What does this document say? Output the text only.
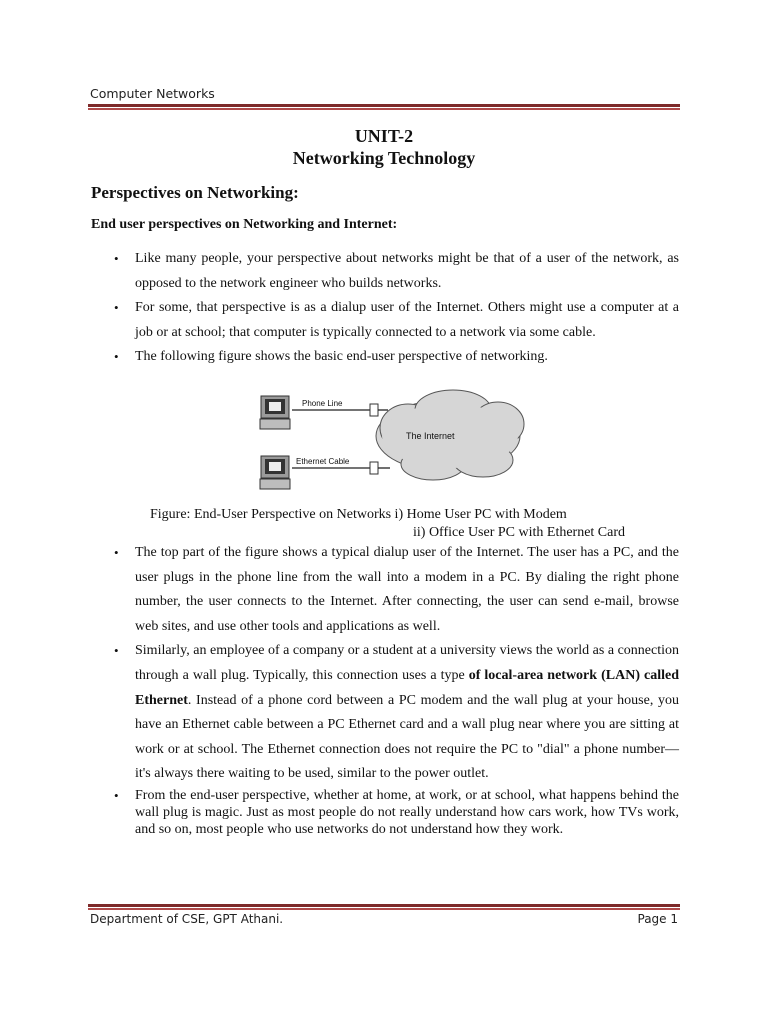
Computer Networks
UNIT-2
Networking Technology
Perspectives on Networking:
End user perspectives on Networking and Internet:
• Like many people, your perspective about networks might be that of a user of the network, as opposed to the network engineer who builds networks.
• For some, that perspective is as a dialup user of the Internet. Others might use a computer at a job or at school; that computer is typically connected to a network via some cable.
• The following figure shows the basic end-user perspective of networking.
The Internet
Phone Line
Ethernet Cable
Figure: End-User Perspective on Networks i) Home User PC with Modem
ii) Office User PC with Ethernet Card
• The top part of the figure shows a typical dialup user of the Internet. The user has a PC, and the user plugs in the phone line from the wall into a modem in a PC. By dialing the right phone number, the user connects to the Internet. After connecting, the user can send e-mail, browse web sites, and use other tools and applications as well.
• Similarly, an employee of a company or a student at a university views the world as a connection through a wall plug. Typically, this connection uses a type of local-area network (LAN) called Ethernet. Instead of a phone cord between a PC modem and the wall plug at your house, you have an Ethernet cable between a PC Ethernet card and a wall plug near where you are sitting at work or at school. The Ethernet connection does not require the PC to "dial" a phone number—it's always there waiting to be used, similar to the power outlet.
• From the end-user perspective, whether at home, at work, or at school, what happens behind the wall plug is magic. Just as most people do not really understand how cars work, how TVs work, and so on, most people who use networks do not understand how they work.
Department of CSE, GPT Athani.	Page 1
